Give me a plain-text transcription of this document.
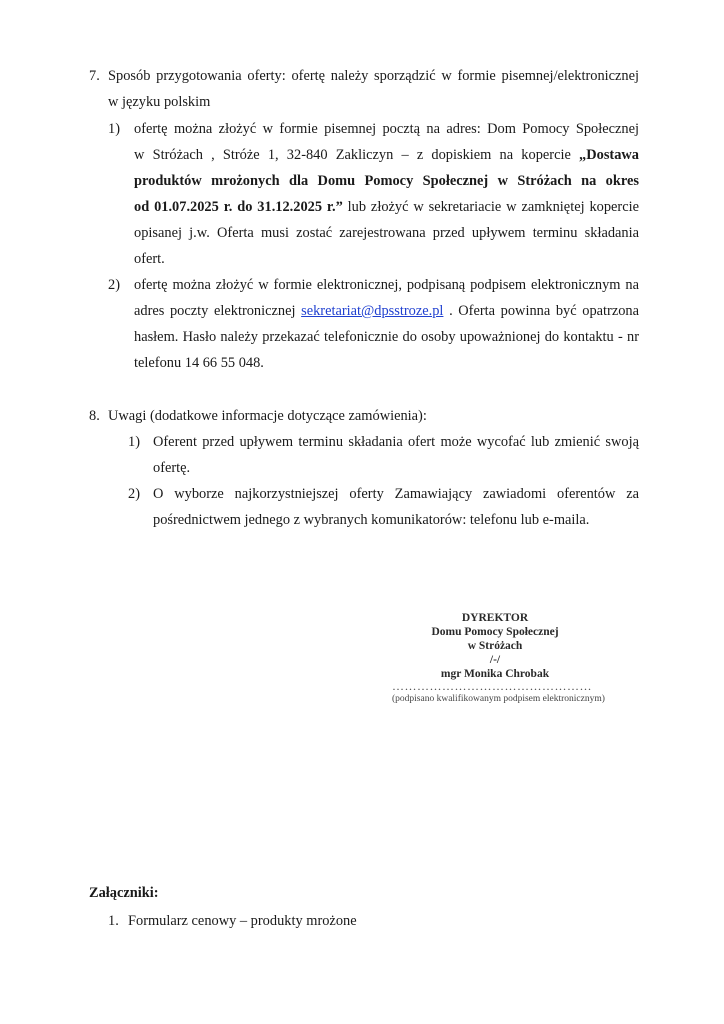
7. Sposób przygotowania oferty: ofertę należy sporządzić w formie pisemnej/elektronicznej
w języku polskim
1) ofertę można złożyć w formie pisemnej pocztą na adres: Dom Pomocy Społecznej
w Stróżach , Stróże 1, 32-840 Zakliczyn – z dopiskiem na kopercie „Dostawa
produktów mrożonych dla Domu Pomocy Społecznej w Stróżach na okres
od 01.07.2025 r. do 31.12.2025 r.” lub złożyć w sekretariacie w zamkniętej kopercie
opisanej j.w. Oferta musi zostać zarejestrowana przed upływem terminu składania
ofert.
2) ofertę można złożyć w formie elektronicznej, podpisaną podpisem elektronicznym na
adres poczty elektronicznej sekretariat@dpsstroze.pl . Oferta powinna być opatrzona
hasłem. Hasło należy przekazać telefonicznie do osoby upoważnionej do kontaktu - nr
telefonu 14 66 55 048.
8. Uwagi (dodatkowe informacje dotyczące zamówienia):
1) Oferent przed upływem terminu składania ofert może wycofać lub zmienić swoją
ofertę.
2) O wyborze najkorzystniejszej oferty Zamawiający zawiadomi oferentów za
pośrednictwem jednego z wybranych komunikatorów: telefonu lub e-maila.
DYREKTOR
Domu Pomocy Społecznej
w Stróżach
/-/
mgr Monika Chrobak
…………………………………………
(podpisano kwalifikowanym podpisem elektronicznym)
Załączniki:
1. Formularz cenowy – produkty mrożone
